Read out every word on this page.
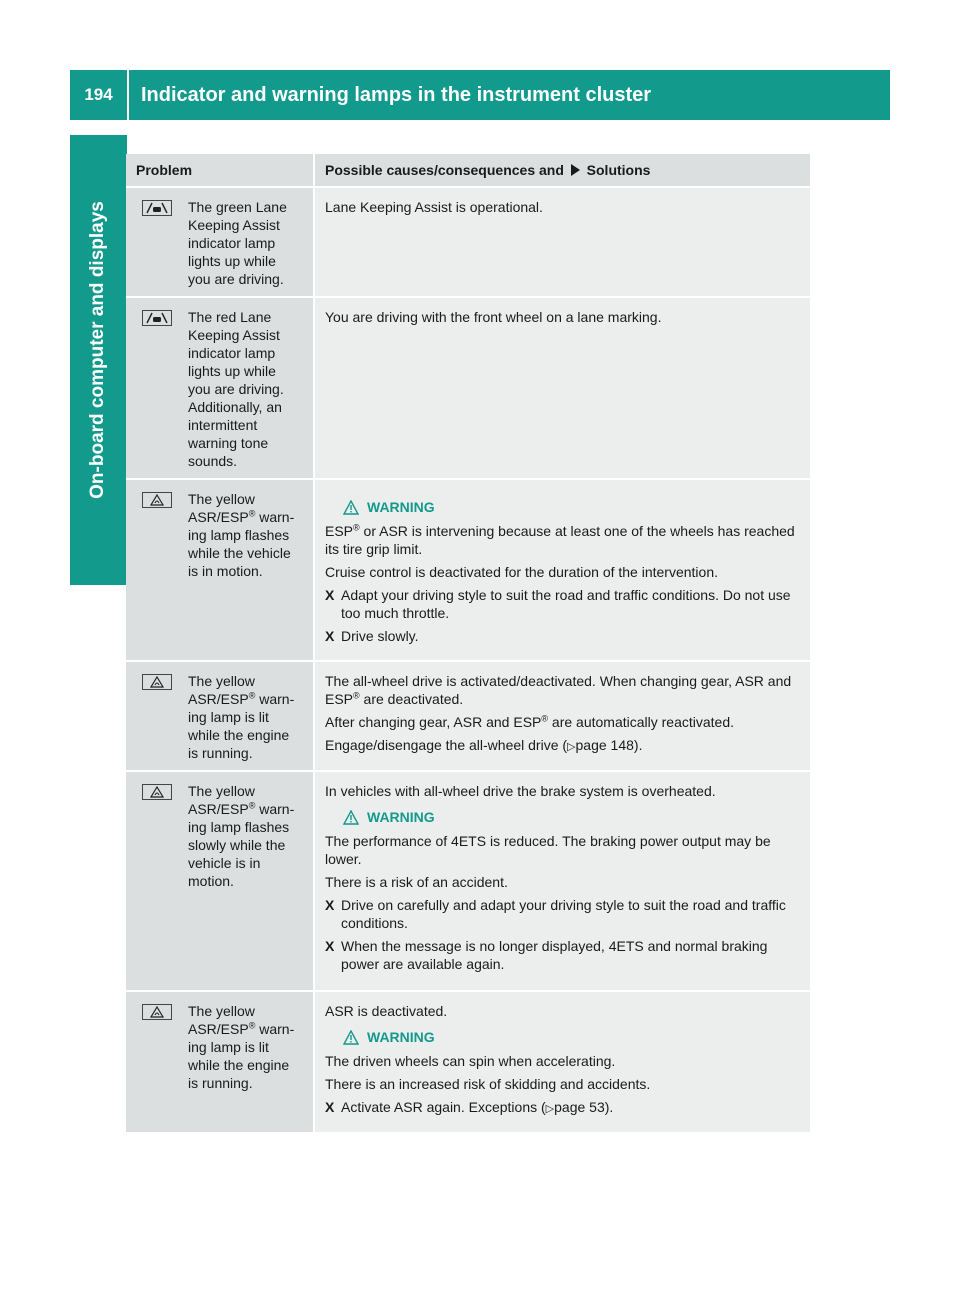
194	Indicator and warning lamps in the instrument cluster
On-board computer and displays
Problem	Possible causes/consequences and Solutions
The green Lane
Keeping Assist
indicator lamp
lights up while
you are driving.
Lane Keeping Assist is operational.
The red Lane
Keeping Assist
indicator lamp
lights up while
you are driving.
Additionally, an
intermittent
warning tone
sounds.
You are driving with the front wheel on a lane marking.
The yellow
ASR/ESP® warn-
ing lamp flashes
while the vehicle
is in motion.
WARNING
ESP® or ASR is intervening because at least one of the wheels has reached its tire grip limit.
Cruise control is deactivated for the duration of the intervention.
X Adapt your driving style to suit the road and traffic conditions. Do not use too much throttle.
X Drive slowly.
The yellow
ASR/ESP® warn-
ing lamp is lit
while the engine
is running.
The all-wheel drive is activated/deactivated. When changing gear, ASR and ESP® are deactivated.
After changing gear, ASR and ESP® are automatically reactivated.
Engage/disengage the all-wheel drive (▷page 148).
The yellow
ASR/ESP® warn-
ing lamp flashes
slowly while the
vehicle is in
motion.
In vehicles with all-wheel drive the brake system is overheated.
WARNING
The performance of 4ETS is reduced. The braking power output may be lower.
There is a risk of an accident.
X Drive on carefully and adapt your driving style to suit the road and traffic conditions.
X When the message is no longer displayed, 4ETS and normal braking power are available again.
The yellow
ASR/ESP® warn-
ing lamp is lit
while the engine
is running.
ASR is deactivated.
WARNING
The driven wheels can spin when accelerating.
There is an increased risk of skidding and accidents.
X Activate ASR again. Exceptions (▷page 53).
